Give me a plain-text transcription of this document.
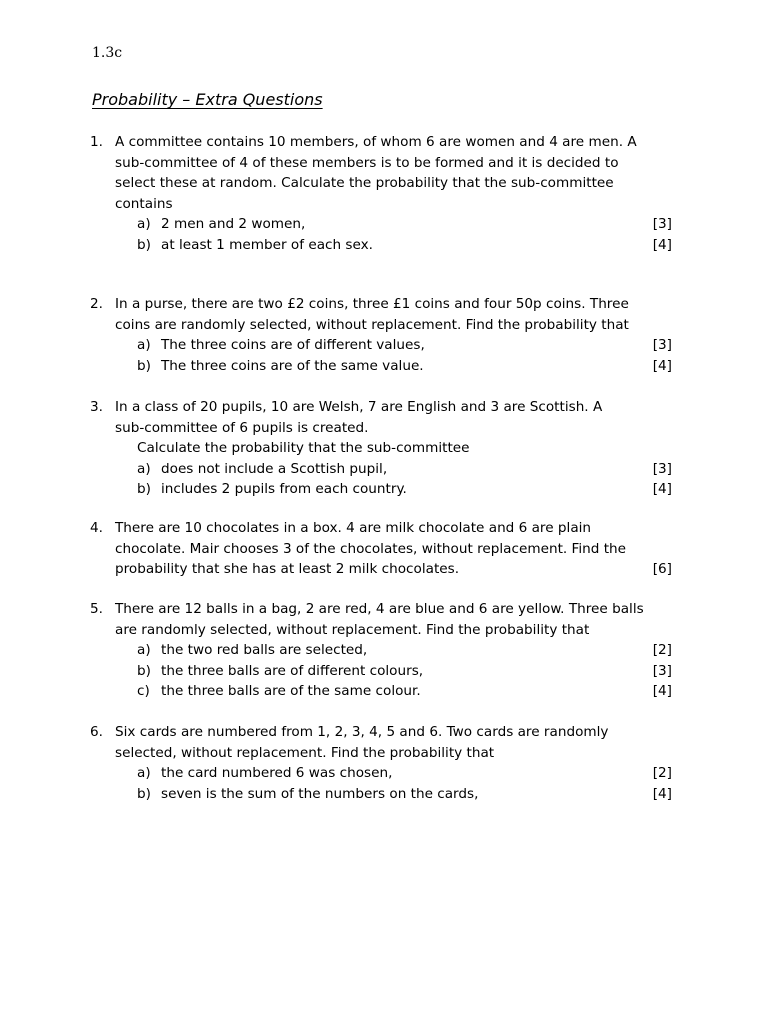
1.3c
Probability – Extra Questions
1. A committee contains 10 members, of whom 6 are women and 4 are men. A
sub-committee of 4 of these members is to be formed and it is decided to
select these at random. Calculate the probability that the sub-committee
contains
a) 2 men and 2 women,	[3]
b) at least 1 member of each sex.	[4]
2. In a purse, there are two £2 coins, three £1 coins and four 50p coins. Three
coins are randomly selected, without replacement. Find the probability that
a) The three coins are of different values,	[3]
b) The three coins are of the same value.	[4]
3. In a class of 20 pupils, 10 are Welsh, 7 are English and 3 are Scottish. A
sub-committee of 6 pupils is created.
Calculate the probability that the sub-committee
a) does not include a Scottish pupil,	[3]
b) includes 2 pupils from each country.	[4]
4. There are 10 chocolates in a box. 4 are milk chocolate and 6 are plain
chocolate. Mair chooses 3 of the chocolates, without replacement. Find the
probability that she has at least 2 milk chocolates.	[6]
5. There are 12 balls in a bag, 2 are red, 4 are blue and 6 are yellow. Three balls
are randomly selected, without replacement. Find the probability that
a) the two red balls are selected,	[2]
b) the three balls are of different colours,	[3]
c) the three balls are of the same colour.	[4]
6. Six cards are numbered from 1, 2, 3, 4, 5 and 6. Two cards are randomly
selected, without replacement. Find the probability that
a) the card numbered 6 was chosen,	[2]
b) seven is the sum of the numbers on the cards,	[4]
